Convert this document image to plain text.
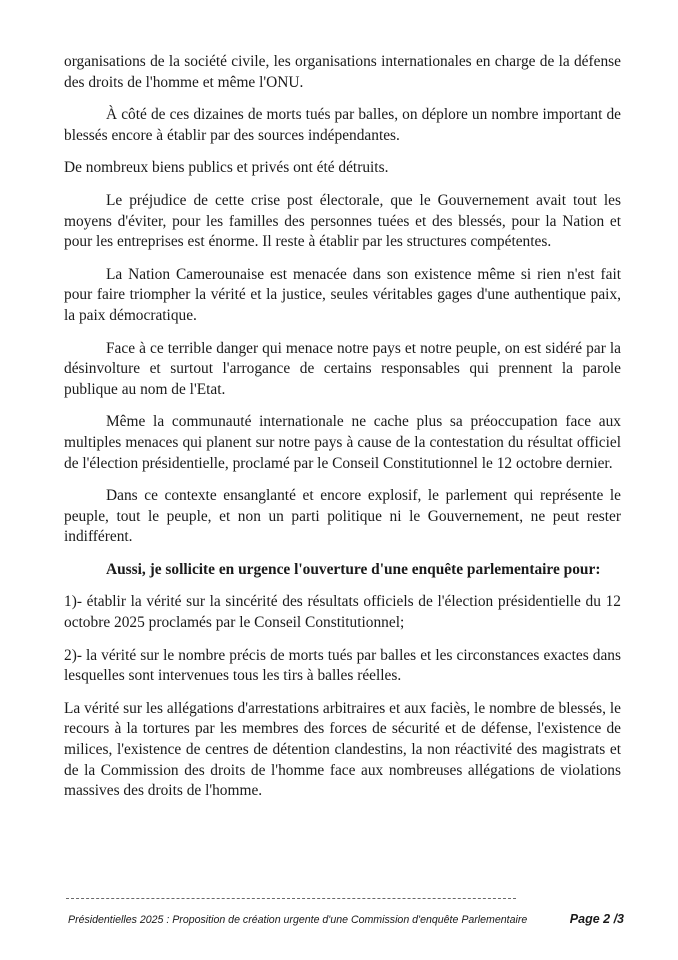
organisations de la société civile, les organisations internationales en charge de la défense des droits de l'homme et même l'ONU.

À côté de ces dizaines de morts tués par balles, on déplore un nombre important de blessés encore à établir par des sources indépendantes.

De nombreux biens publics et privés ont été détruits.

Le préjudice de cette crise post électorale, que le Gouvernement avait tout les moyens d'éviter, pour les familles des personnes tuées et des blessés, pour la Nation et pour les entreprises est énorme. Il reste à établir par les structures compétentes.

La Nation Camerounaise est menacée dans son existence même si rien n'est fait pour faire triompher la vérité et la justice, seules véritables gages d'une authentique paix, la paix démocratique.

Face à ce terrible danger qui menace notre pays et notre peuple, on est sidéré par la désinvolture et surtout l'arrogance de certains responsables qui prennent la parole publique au nom de l'Etat.

Même la communauté internationale ne cache plus sa préoccupation face aux multiples menaces qui planent sur notre pays à cause de la contestation du résultat officiel de l'élection présidentielle, proclamé par le Conseil Constitutionnel le 12 octobre dernier.

Dans ce contexte ensanglanté et encore explosif, le parlement qui représente le peuple, tout le peuple, et non un parti politique ni le Gouvernement, ne peut rester indifférent.

Aussi, je sollicite en urgence l'ouverture d'une enquête parlementaire pour:

1)- établir la vérité sur la sincérité des résultats officiels de l'élection présidentielle du 12 octobre 2025 proclamés par le Conseil Constitutionnel;

2)- la vérité sur le nombre précis de morts tués par balles et les circonstances exactes dans lesquelles sont intervenues tous les tirs à balles réelles.

La vérité sur les allégations d'arrestations arbitraires et aux faciès, le nombre de blessés, le recours à la tortures par les membres des forces de sécurité et de défense, l'existence de milices, l'existence de centres de détention clandestins, la non réactivité des magistrats et de la Commission des droits de l'homme face aux nombreuses allégations de violations massives des droits de l'homme.

Présidentielles 2025 : Proposition de création urgente d'une Commission d'enquête Parlementaire	Page 2 /3
